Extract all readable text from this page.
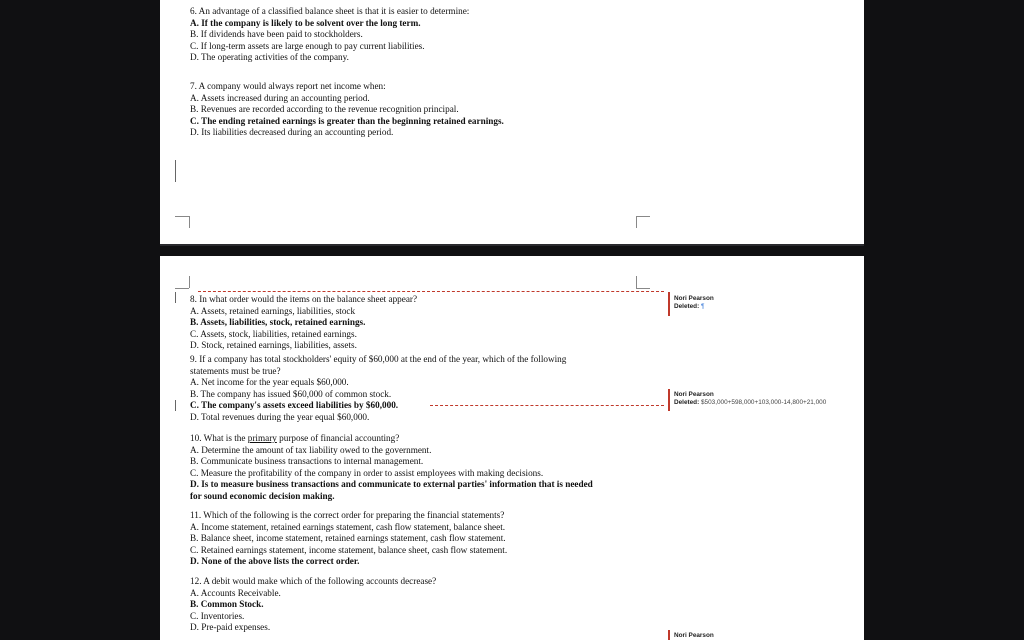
6. An advantage of a classified balance sheet is that it is easier to determine:
A. If the company is likely to be solvent over the long term.
B. If dividends have been paid to stockholders.
C. If long-term assets are large enough to pay current liabilities.
D. The operating activities of the company.
7. A company would always report net income when:
A. Assets increased during an accounting period.
B. Revenues are recorded according to the revenue recognition principal.
C. The ending retained earnings is greater than the beginning retained earnings.
D. Its liabilities decreased during an accounting period.
8. In what order would the items on the balance sheet appear?
A. Assets, retained earnings, liabilities, stock
B. Assets, liabilities, stock, retained earnings.
C. Assets, stock, liabilities, retained earnings.
D. Stock, retained earnings, liabilities, assets.
9. If a company has total stockholders' equity of $60,000 at the end of the year, which of the following
statements must be true?
A. Net income for the year equals $60,000.
B. The company has issued $60,000 of common stock.
C. The company's assets exceed liabilities by $60,000.
D. Total revenues during the year equal $60,000.
10. What is the primary purpose of financial accounting?
A. Determine the amount of tax liability owed to the government.
B. Communicate business transactions to internal management.
C. Measure the profitability of the company in order to assist employees with making decisions.
D. Is to measure business transactions and communicate to external parties' information that is needed
for sound economic decision making.
11. Which of the following is the correct order for preparing the financial statements?
A. Income statement, retained earnings statement, cash flow statement, balance sheet.
B. Balance sheet, income statement, retained earnings statement, cash flow statement.
C. Retained earnings statement, income statement, balance sheet, cash flow statement.
D. None of the above lists the correct order.
12. A debit would make which of the following accounts decrease?
A. Accounts Receivable.
B. Common Stock.
C. Inventories.
D. Pre-paid expenses.
Nori Pearson
Deleted: ¶
Nori Pearson
Deleted: $503,000+598,000+103,000-14,800+21,000
Nori Pearson
